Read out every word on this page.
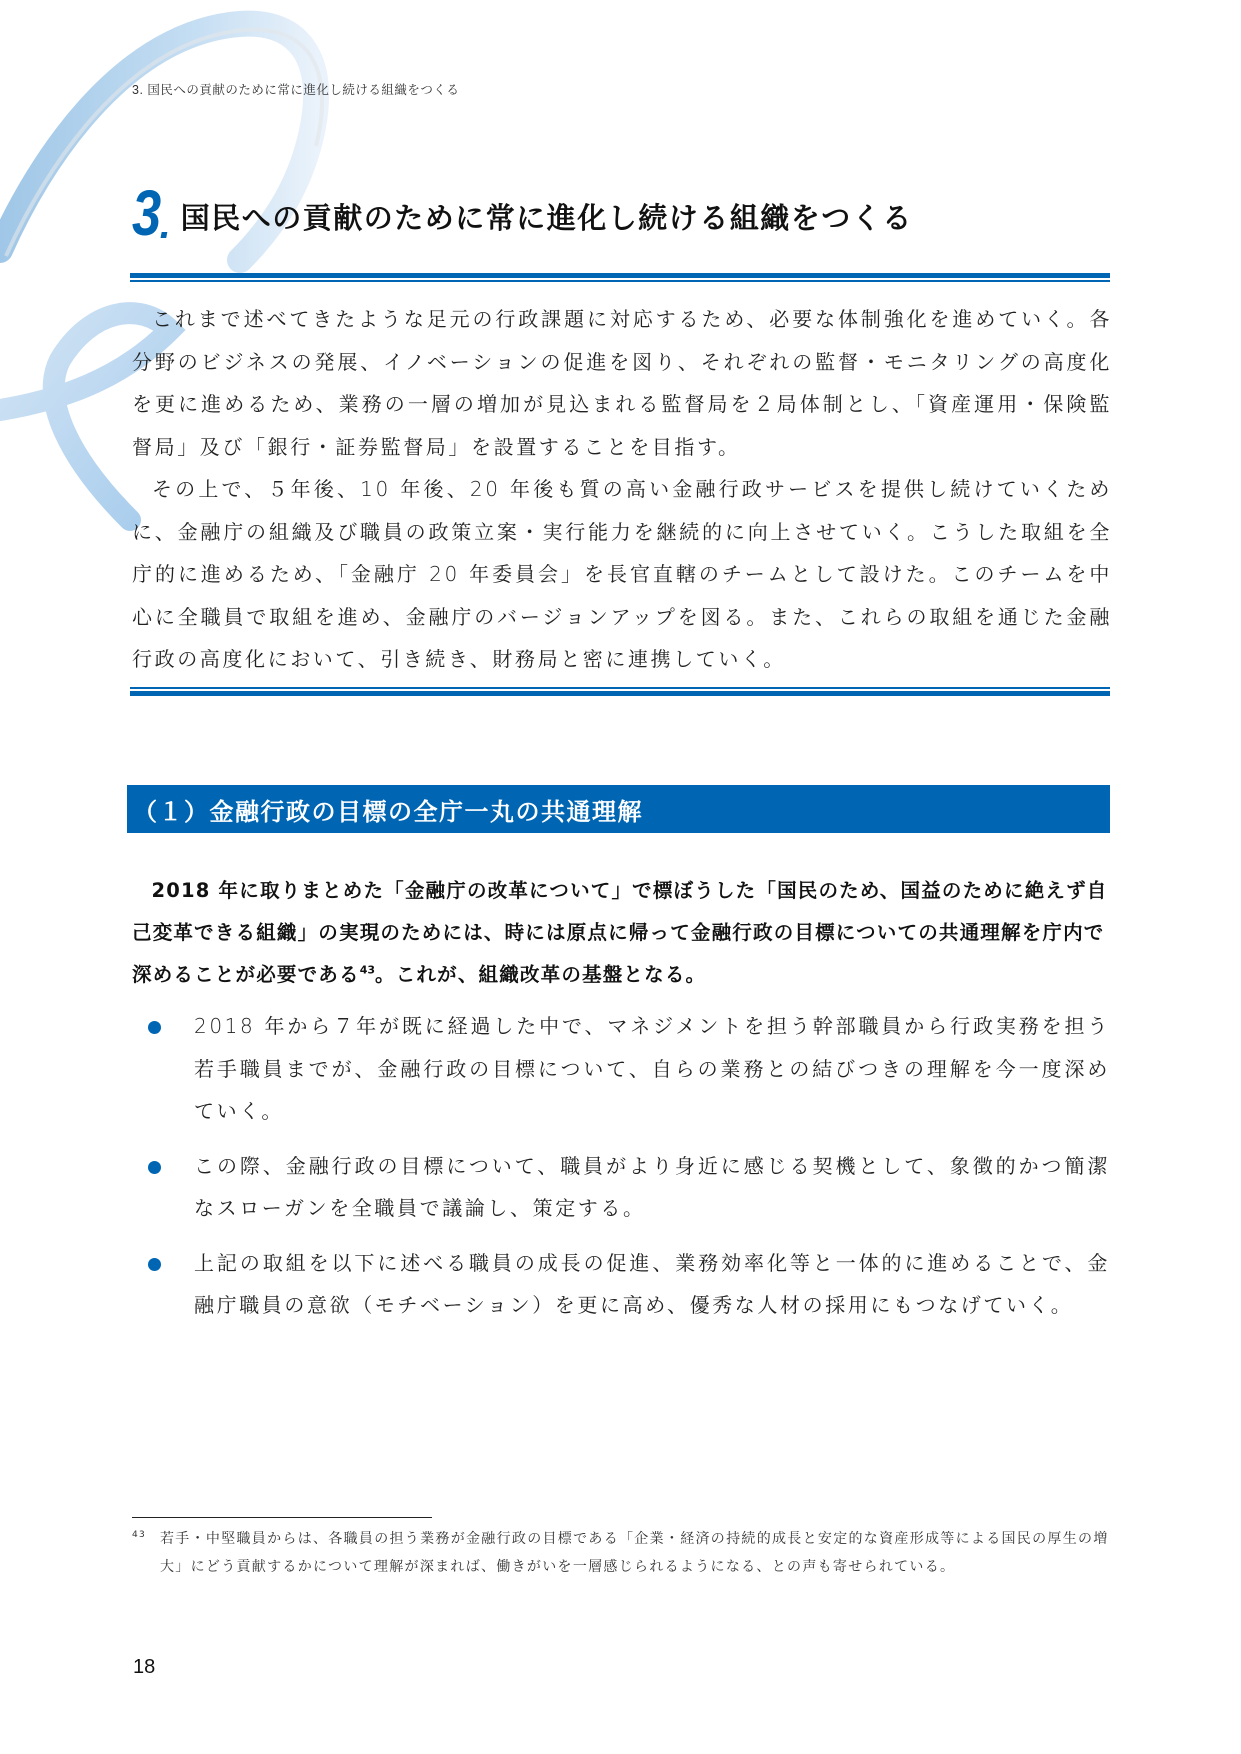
3. 国民への貢献のために常に進化し続ける組織をつくる
3 . 国民への貢献のために常に進化し続ける組織をつくる

これまで述べてきたような足元の行政課題に対応するため、必要な体制強化を進めていく。各分野のビジネスの発展、イノベーションの促進を図り、それぞれの監督・モニタリングの高度化を更に進めるため、業務の一層の増加が見込まれる監督局を２局体制とし、「資産運用・保険監督局」及び「銀行・証券監督局」を設置することを目指す。

その上で、５年後、10 年後、20 年後も質の高い金融行政サービスを提供し続けていくために、金融庁の組織及び職員の政策立案・実行能力を継続的に向上させていく。こうした取組を全庁的に進めるため、「金融庁 20 年委員会」を長官直轄のチームとして設けた。このチームを中心に全職員で取組を進め、金融庁のバージョンアップを図る。また、これらの取組を通じた金融行政の高度化において、引き続き、財務局と密に連携していく。

（１）金融行政の目標の全庁一丸の共通理解

2018 年に取りまとめた「金融庁の改革について」で標ぼうした「国民のため、国益のために絶えず自己変革できる組織」の実現のためには、時には原点に帰って金融行政の目標についての共通理解を庁内で深めることが必要である$^{43}$。これが、組織改革の基盤となる。

2018 年から７年が既に経過した中で、マネジメントを担う幹部職員から行政実務を担う若手職員までが、金融行政の目標について、自らの業務との結びつきの理解を今一度深めていく。
この際、金融行政の目標について、職員がより身近に感じる契機として、象徴的かつ簡潔なスローガンを全職員で議論し、策定する。
上記の取組を以下に述べる職員の成長の促進、業務効率化等と一体的に進めることで、金融庁職員の意欲（モチベーション）を更に高め、優秀な人材の採用にもつなげていく。
43 若手・中堅職員からは、各職員の担う業務が金融行政の目標である「企業・経済の持続的成長と安定的な資産形成等による国民の厚生の増大」にどう貢献するかについて理解が深まれば、働きがいを一層感じられるようになる、との声も寄せられている。
18
